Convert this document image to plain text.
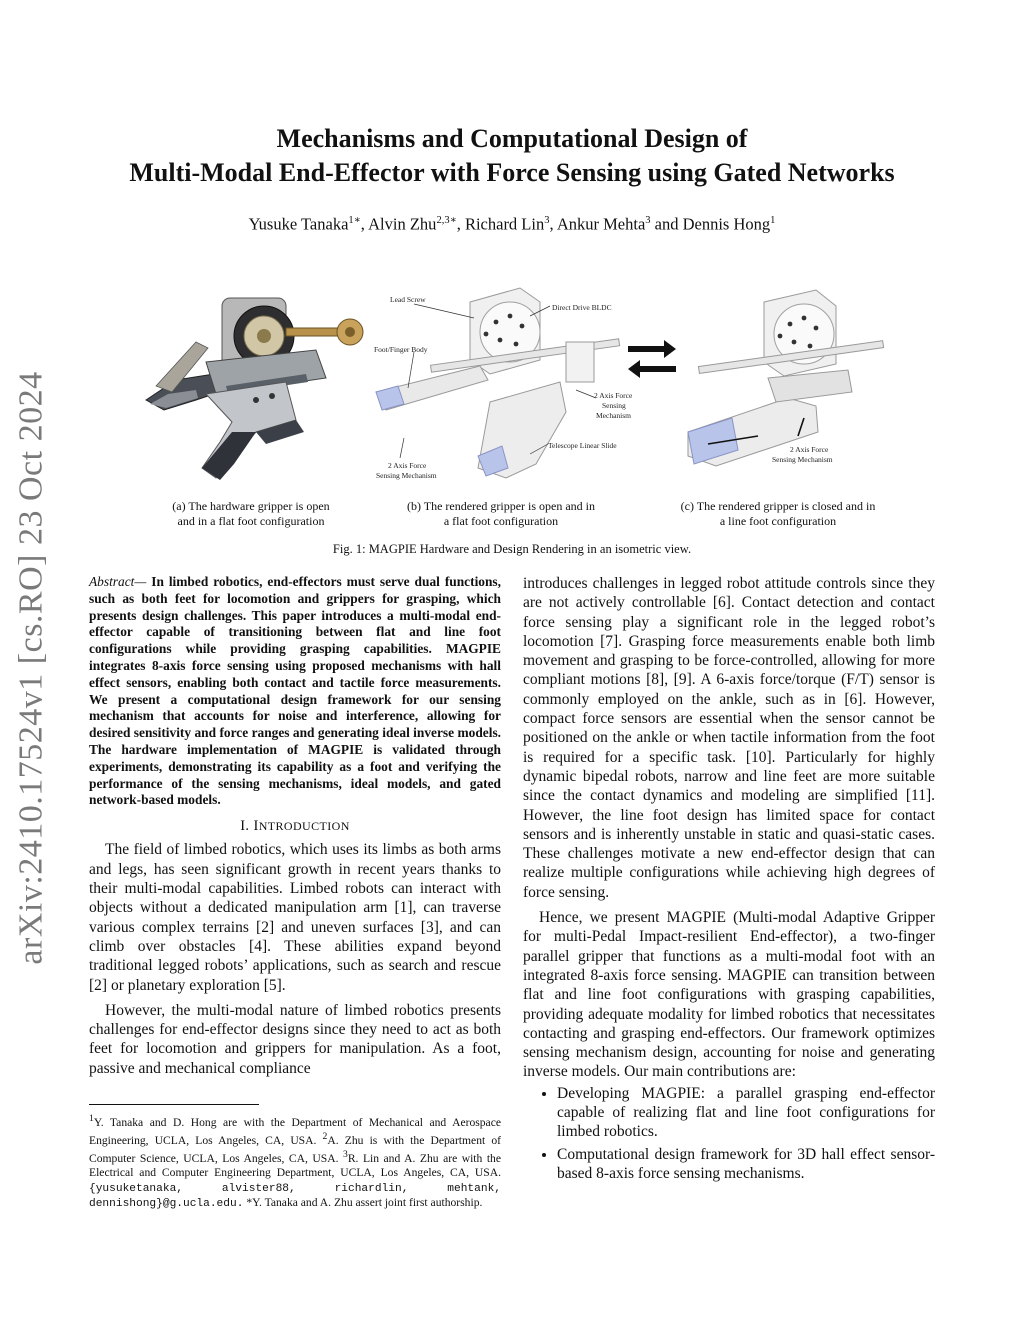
arXiv:2410.17524v1 [cs.RO] 23 Oct 2024
Mechanisms and Computational Design of
Multi-Modal End-Effector with Force Sensing using Gated Networks
Yusuke Tanaka$^{1∗}$, Alvin Zhu$^{2,3∗}$, Richard Lin$^3$, Ankur Mehta$^3$ and Dennis Hong$^1$
(a) The hardware gripper is open
and in a flat foot configuration
Lead Screw
Direct Drive BLDC
Foot/Finger Body
2 Axis Force
Sensing
Mechanism
Telescope Linear Slide
2 Axis Force
Sensing Mechanism
(b) The rendered gripper is open and in
a flat foot configuration
2 Axis Force
Sensing Mechanism
(c) The rendered gripper is closed and in
a line foot configuration
Fig. 1: MAGPIE Hardware and Design Rendering in an isometric view.
Abstract— In limbed robotics, end-effectors must serve dual functions, such as both feet for locomotion and grippers for grasping, which presents design challenges. This paper introduces a multi-modal end-effector capable of transitioning between flat and line foot configurations while providing grasping capabilities. MAGPIE integrates 8-axis force sensing using proposed mechanisms with hall effect sensors, enabling both contact and tactile force measurements. We present a computational design framework for our sensing mechanism that accounts for noise and interference, allowing for desired sensitivity and force ranges and generating ideal inverse models. The hardware implementation of MAGPIE is validated through experiments, demonstrating its capability as a foot and verifying the performance of the sensing mechanisms, ideal models, and gated network-based models.
I. INTRODUCTION

The field of limbed robotics, which uses its limbs as both arms and legs, has seen significant growth in recent years thanks to their multi-modal capabilities. Limbed robots can interact with objects without a dedicated manipulation arm [1], can traverse various complex terrains [2] and uneven surfaces [3], and can climb over obstacles [4]. These abilities expand beyond traditional legged robots’ applications, such as search and rescue [2] or planetary exploration [5].

However, the multi-modal nature of limbed robotics presents challenges for end-effector designs since they need to act as both feet for locomotion and grippers for manipulation. As a foot, passive and mechanical compliance

$^1$Y. Tanaka and D. Hong are with the Department of Mechanical and Aerospace Engineering, UCLA, Los Angeles, CA, USA. $^2$A. Zhu is with the Department of Computer Science, UCLA, Los Angeles, CA, USA. $^3$R. Lin and A. Zhu are with the Electrical and Computer Engineering Department, UCLA, Los Angeles, CA, USA. {yusuketanaka, alvister88, richardlin, mehtank, dennishong}@g.ucla.edu. *Y. Tanaka and A. Zhu assert joint first authorship.

introduces challenges in legged robot attitude controls since they are not actively controllable [6]. Contact detection and contact force sensing play a significant role in the legged robot’s locomotion [7]. Grasping force measurements enable both limb movement and grasping to be force-controlled, allowing for more compliant motions [8], [9]. A 6-axis force/torque (F/T) sensor is commonly employed on the ankle, such as in [6]. However, compact force sensors are essential when the sensor cannot be positioned on the ankle or when tactile information from the foot is required for a specific task. [10]. Particularly for highly dynamic bipedal robots, narrow and line feet are more suitable since the contact dynamics and modeling are simplified [11]. However, the line foot design has limited space for contact sensors and is inherently unstable in static and quasi-static cases. These challenges motivate a new end-effector design that can realize multiple configurations while achieving high degrees of force sensing.

Hence, we present MAGPIE (Multi-modal Adaptive Gripper for multi-Pedal Impact-resilient End-effector), a two-finger parallel gripper that functions as a multi-modal foot with an integrated 8-axis force sensing. MAGPIE can transition between flat and line foot configurations with grasping capabilities, providing adequate modality for limbed robotics that necessitates contacting and grasping end-effectors. Our framework optimizes sensing mechanism design, accounting for noise and generating inverse models. Our main contributions are:

• Developing MAGPIE: a parallel grasping end-effector capable of realizing flat and line foot configurations for limbed robotics.
• Computational design framework for 3D hall effect sensor-based 8-axis force sensing mechanisms.
